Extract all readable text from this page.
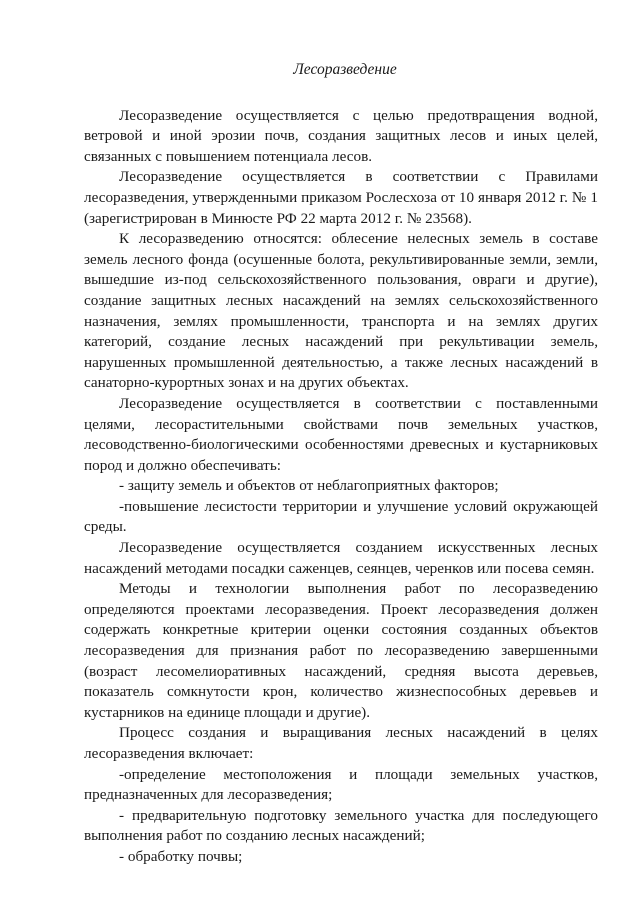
Лесоразведение

Лесоразведение осуществляется с целью предотвращения водной, ветровой и иной эрозии почв, создания защитных лесов и иных целей, связанных с повышением потенциала лесов.

Лесоразведение осуществляется в соответствии с Правилами лесоразведения, утвержденными приказом Рослесхоза от 10 января 2012 г. № 1 (зарегистрирован в Минюсте РФ 22 марта 2012 г. № 23568).

К лесоразведению относятся: облесение нелесных земель в составе земель лесного фонда (осушенные болота, рекультивированные земли, земли, вышедшие из-под сельскохозяйственного пользования, овраги и другие), создание защитных лесных насаждений на землях сельскохозяйственного назначения, землях промышленности, транспорта и на землях других категорий, создание лесных насаждений при рекультивации земель, нарушенных промышленной деятельностью, а также лесных насаждений в санаторно-курортных зонах и на других объектах.

Лесоразведение осуществляется в соответствии с поставленными целями, лесорастительными свойствами почв земельных участков, лесоводственно-биологическими особенностями древесных и кустарниковых пород и должно обеспечивать:

- защиту земель и объектов от неблагоприятных факторов;

-повышение лесистости территории и улучшение условий окружающей среды.

Лесоразведение осуществляется созданием искусственных лесных насаждений методами посадки саженцев, сеянцев, черенков или посева семян.

Методы и технологии выполнения работ по лесоразведению определяются проектами лесоразведения. Проект лесоразведения должен содержать конкретные критерии оценки состояния созданных объектов лесоразведения для признания работ по лесоразведению завершенными (возраст лесомелиоративных насаждений, средняя высота деревьев, показатель сомкнутости крон, количество жизнеспособных деревьев и кустарников на единице площади и другие).

Процесс создания и выращивания лесных насаждений в целях лесоразведения включает:

-определение местоположения и площади земельных участков, предназначенных для лесоразведения;

- предварительную подготовку земельного участка для последующего выполнения работ по созданию лесных насаждений;

- обработку почвы;
